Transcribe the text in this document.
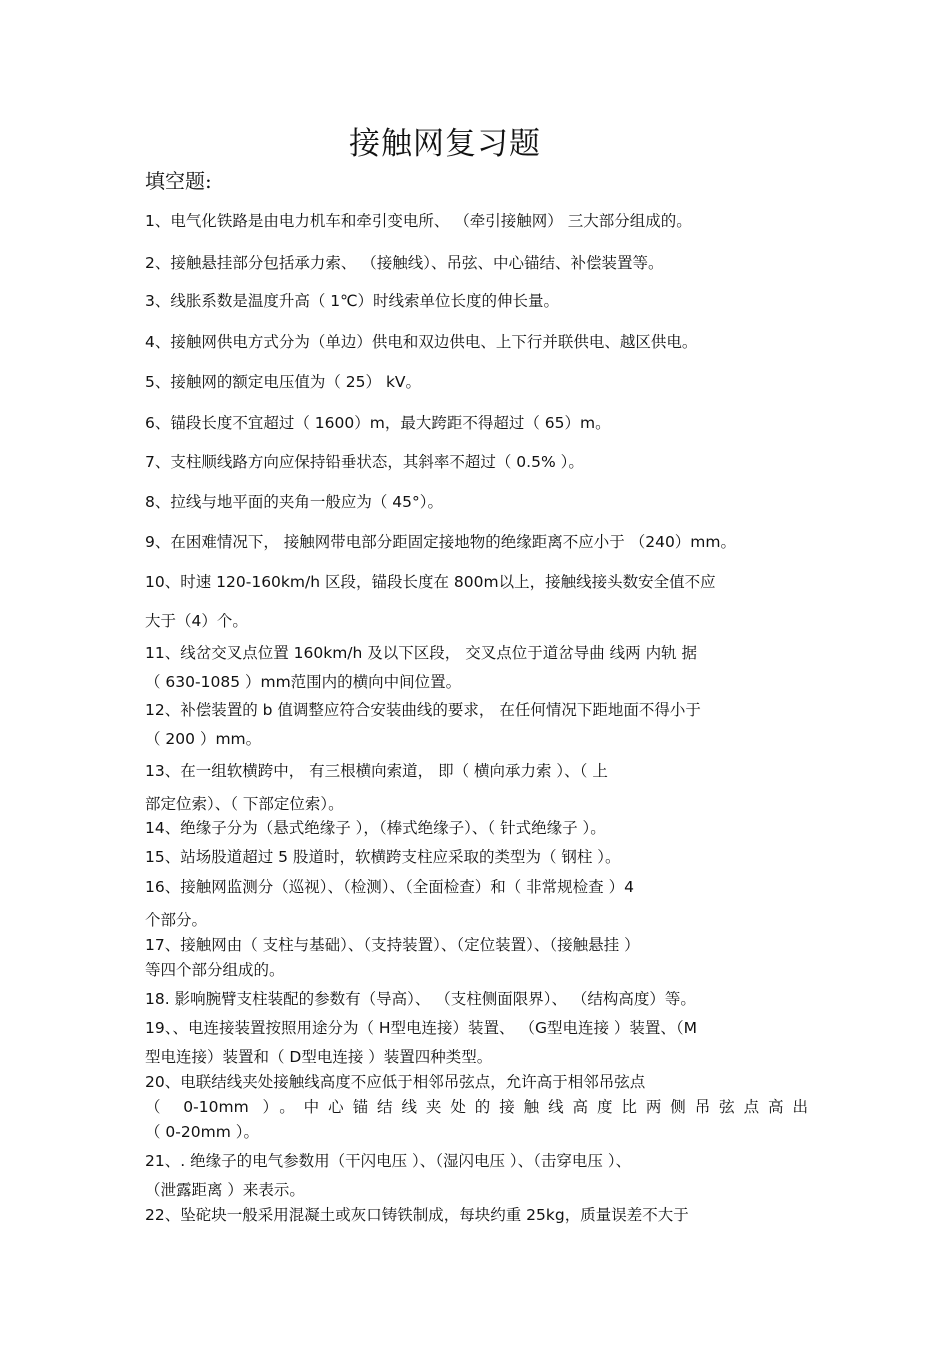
接触网复习题
填空题:
1、电气化铁路是由电力机车和牵引变电所、 （牵引接触网） 三大部分组成的。
2、接触悬挂部分包括承力索、 （接触线）、吊弦、中心锚结、补偿装置等。
3、线胀系数是温度升高（ 1℃）时线索单位长度的伸长量。
4、接触网供电方式分为（单边）供电和双边供电、上下行并联供电、越区供电。
5、接触网的额定电压值为（ 25） kV。
6、锚段长度不宜超过（ 1600）m，最大跨距不得超过（ 65）m。
7、支柱顺线路方向应保持铅垂状态，其斜率不超过（ 0.5% ）。
8、拉线与地平面的夹角一般应为（ 45°）。
9、在困难情况下， 接触网带电部分距固定接地物的绝缘距离不应小于 （240）mm。
10、时速 120-160km/h 区段，锚段长度在 800m以上，接触线接头数安全值不应
大于（4）个。
11、线岔交叉点位置 160km/h 及以下区段， 交叉点位于道岔导曲 线两 内轨 据
（ 630-1085 ）mm范围内的横向中间位置。
12、补偿装置的 b 值调整应符合安装曲线的要求， 在任何情况下距地面不得小于
（ 200 ）mm。
13、在一组软横跨中， 有三根横向索道， 即（ 横向承力索 ）、（ 上
部定位索）、（ 下部定位索）。
14、绝缘子分为（悬式绝缘子 ），（棒式绝缘子）、（ 针式绝缘子 ）。
15、站场股道超过 5 股道时，软横跨支柱应采取的类型为（ 钢柱 ）。
16、接触网监测分（巡视）、（检测）、（全面检查）和（ 非常规检查 ）4
个部分。
17、接触网由（ 支柱与基础）、（支持装置）、（定位装置）、（接触悬挂 ）
等四个部分组成的。
18. 影响腕臂支柱装配的参数有（导高）、 （支柱侧面限界）、 （结构高度）等。
19、、电连接装置按照用途分为（ H型电连接）装置、 （G型电连接 ）装置、（M
型电连接）装置和（ D型电连接 ）装置四种类型。
20、电联结线夹处接触线高度不应低于相邻吊弦点，允许高于相邻吊弦点
（ 0-10mm ）。中心锚结线夹处的接触线高度比两侧吊弦点高出
（ 0-20mm ）。
21、. 绝缘子的电气参数用（干闪电压 ）、（湿闪电压 ）、（击穿电压 ）、
（泄露距离 ）来表示。
22、坠砣块一般采用混凝土或灰口铸铁制成，每块约重 25kg，质量误差不大于
